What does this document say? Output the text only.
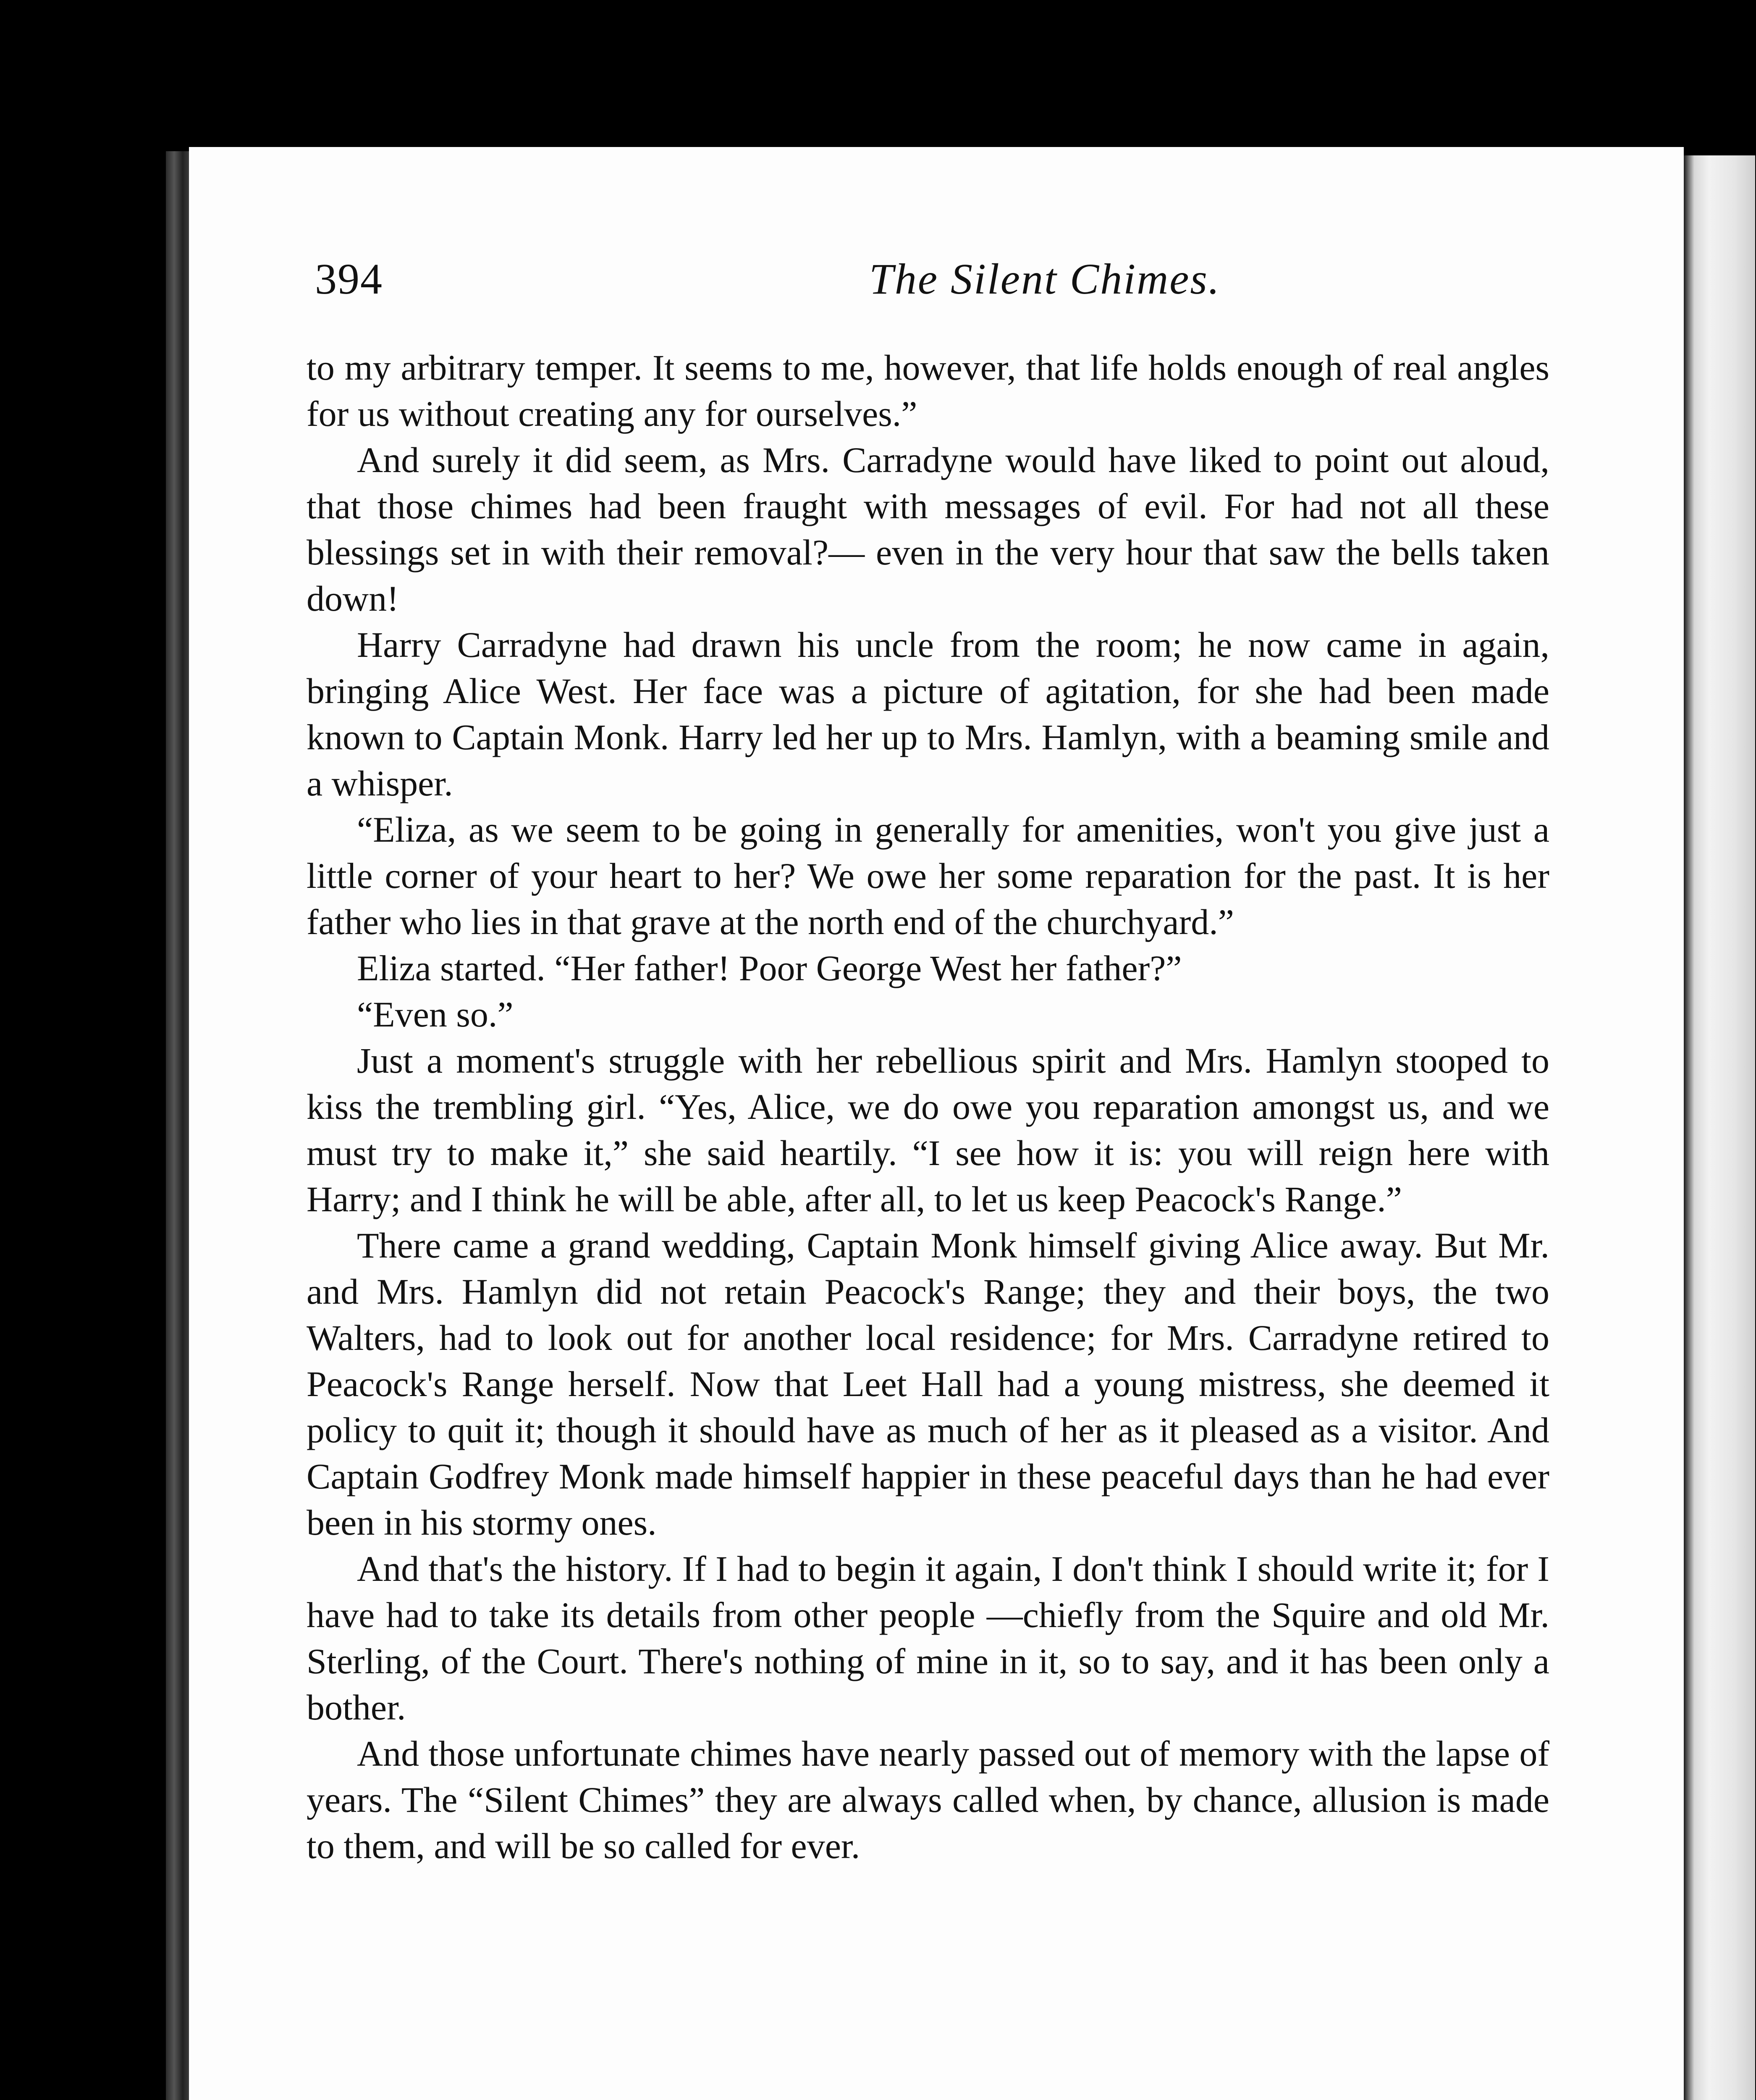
394	The Silent Chimes.

to my arbitrary temper. It seems to me, however, that life holds enough of real angles for us without creating any for ourselves.”

And surely it did seem, as Mrs. Carradyne would have liked to point out aloud, that those chimes had been fraught with messages of evil. For had not all these blessings set in with their removal?— even in the very hour that saw the bells taken down!

Harry Carradyne had drawn his uncle from the room; he now came in again, bringing Alice West. Her face was a picture of agitation, for she had been made known to Captain Monk. Harry led her up to Mrs. Hamlyn, with a beaming smile and a whisper.

“Eliza, as we seem to be going in generally for amenities, won't you give just a little corner of your heart to her? We owe her some reparation for the past. It is her father who lies in that grave at the north end of the churchyard.”

Eliza started. “Her father! Poor George West her father?”

“Even so.”

Just a moment's struggle with her rebellious spirit and Mrs. Hamlyn stooped to kiss the trembling girl. “Yes, Alice, we do owe you reparation amongst us, and we must try to make it,” she said heartily. “I see how it is: you will reign here with Harry; and I think he will be able, after all, to let us keep Peacock's Range.”

There came a grand wedding, Captain Monk himself giving Alice away. But Mr. and Mrs. Hamlyn did not retain Peacock's Range; they and their boys, the two Walters, had to look out for another local residence; for Mrs. Carradyne retired to Peacock's Range herself. Now that Leet Hall had a young mistress, she deemed it policy to quit it; though it should have as much of her as it pleased as a visitor. And Captain Godfrey Monk made himself happier in these peaceful days than he had ever been in his stormy ones.

And that's the history. If I had to begin it again, I don't think I should write it; for I have had to take its details from other people —chiefly from the Squire and old Mr. Sterling, of the Court. There's nothing of mine in it, so to say, and it has been only a bother.

And those unfortunate chimes have nearly passed out of memory with the lapse of years. The “Silent Chimes” they are always called when, by chance, allusion is made to them, and will be so called for ever.
